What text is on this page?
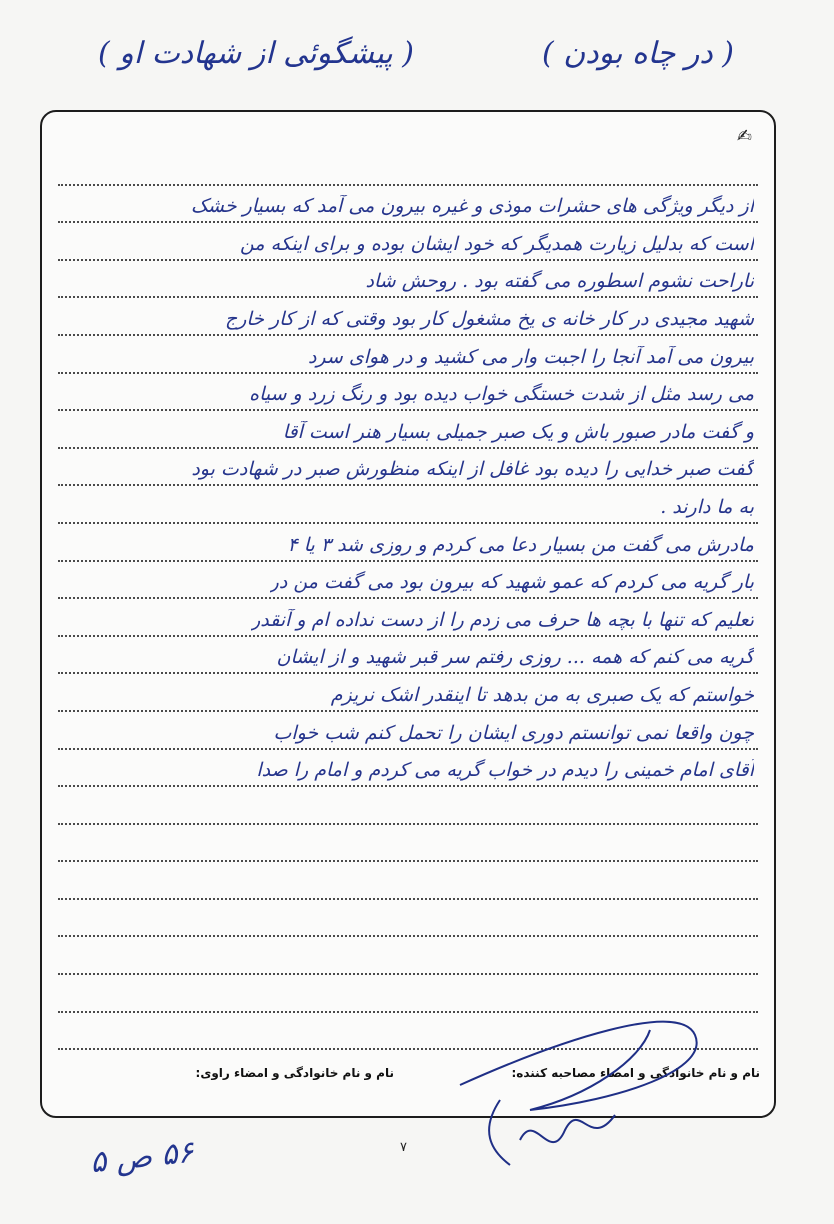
( در چاه بودن )
( پیشگوئی از شهادت او )
✍
از دیگر ویژگی های حشرات موذی و غیره بیرون می آمد که بسیار خشک
است که بدلیل زیارت همدیگر که خود ایشان بوده و برای اینکه من
ناراحت نشوم اسطوره می گفته بود . روحش شاد
شهید مجیدی در کار خانه ی یخ مشغول کار بود وقتی که از کار خارج
بیرون می آمد آنجا را اجبت وار می کشید و در هوای سرد
می رسد مثل از شدت خستگی خواب دیده بود و رنگ زرد و سیاه
و گفت مادر صبور باش و یک صبر جمیلی بسیار هنر است آقا
گفت صبر خدایی را دیده بود غافل از اینکه منظورش صبر در شهادت بود
به ما دارند .
مادرش می گفت من بسیار دعا می کردم و روزی شد ۳ یا ۴
بار گریه می کردم که عمو شهید که بیرون بود می گفت من در
تعلیم که تنها با بچه ها حرف می زدم را از دست نداده ام و آنقدر
گریه می کنم که همه ... روزی رفتم سر قبر شهید و از ایشان
خواستم که یک صبری به من بدهد تا اینقدر اشک نریزم
چون واقعا نمی توانستم دوری ایشان را تحمل کنم شب خواب
آقای امام خمینی را دیدم در خواب گریه می کردم و امام را صدا
نام و نام خانوادگی و امضاء مصاحبه کننده:
نام و نام خانوادگی و امضاء راوی:
۷
۵۶ ص ۵
